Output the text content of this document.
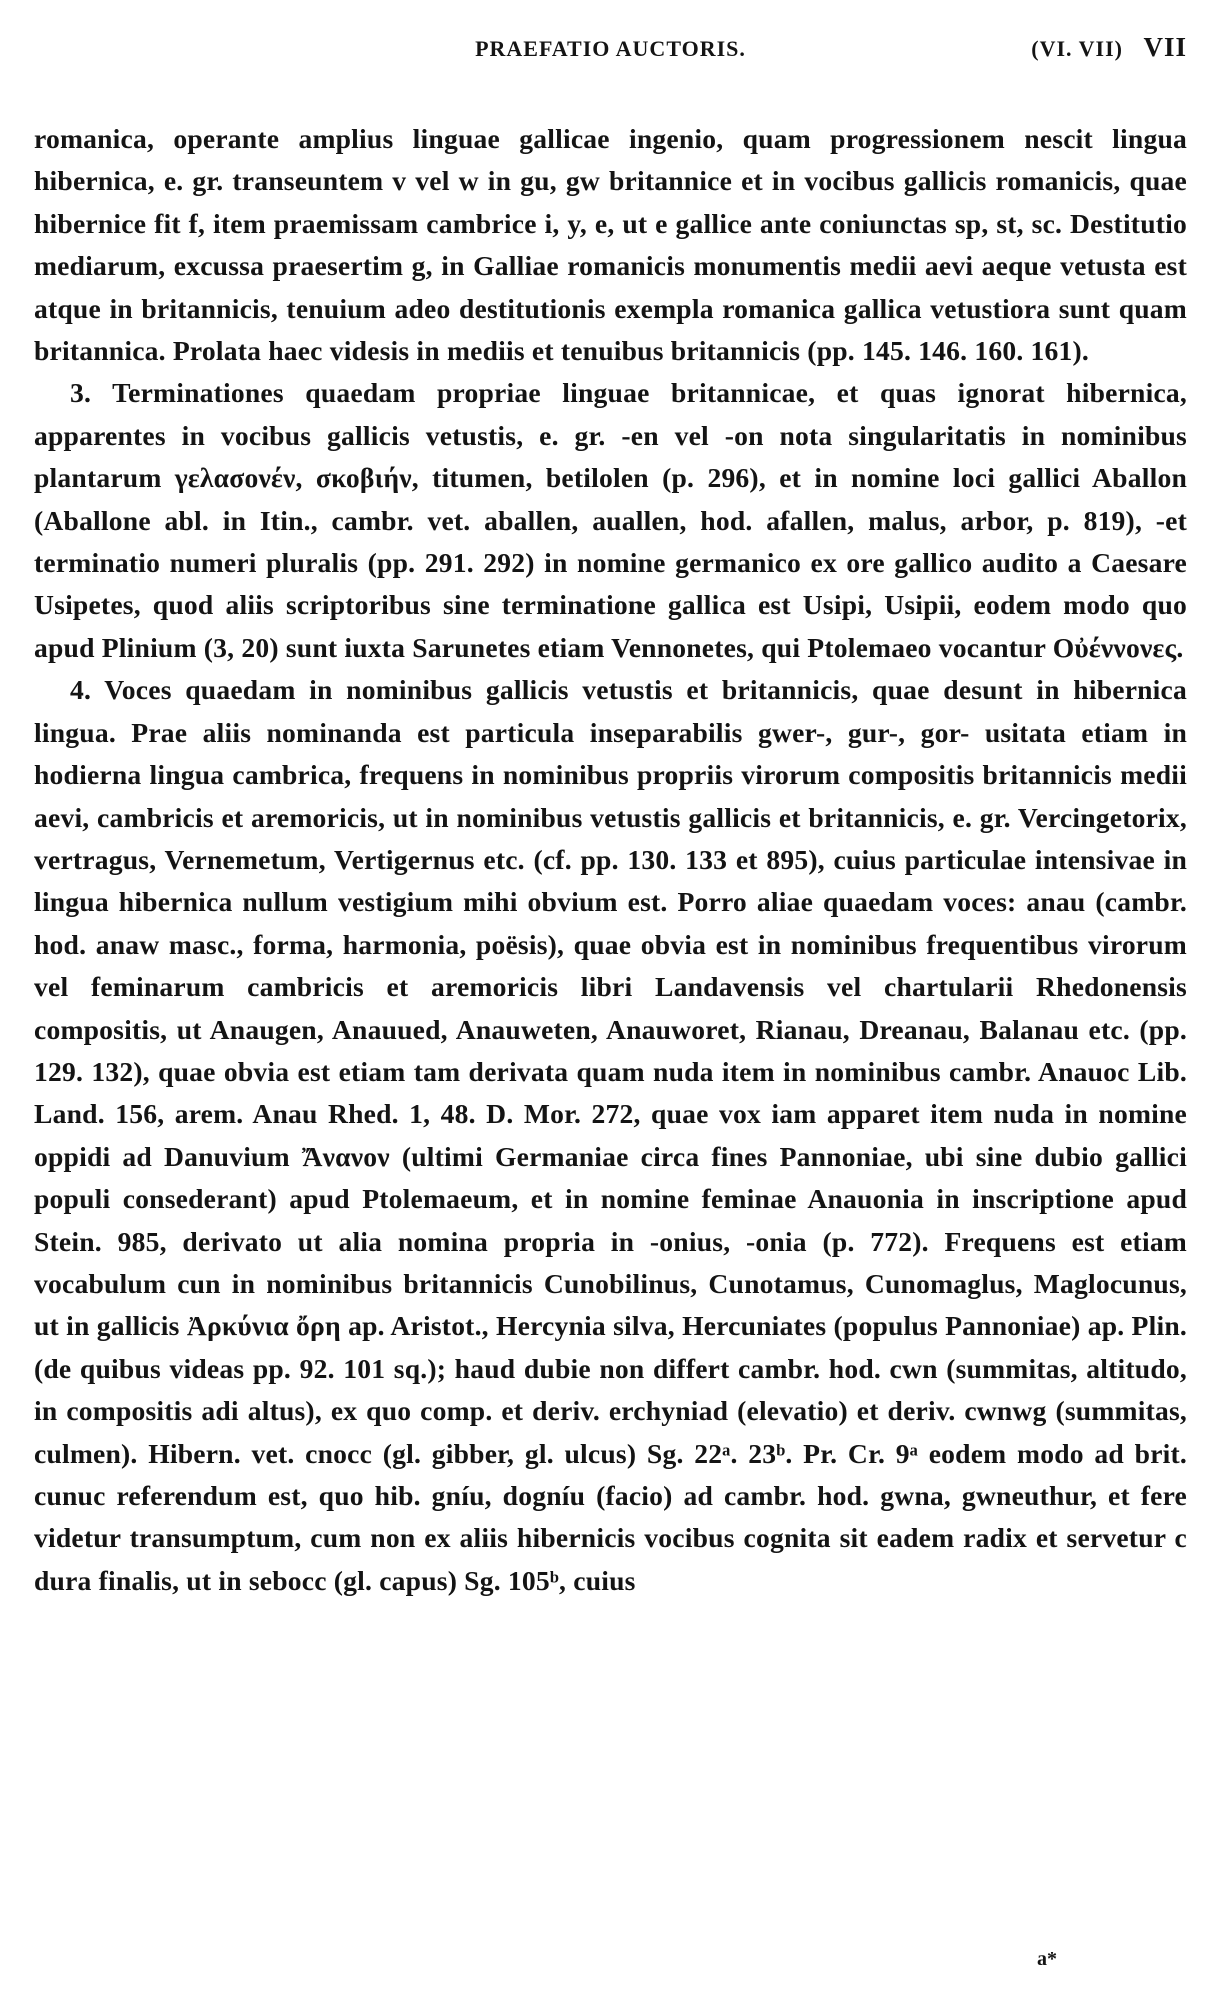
PRAEFATIO AUCTORIS.	(VI. VII) VII

romanica, operante amplius linguae gallicae ingenio, quam progressionem nescit lingua hibernica, e. gr. transeuntem v vel w in gu, gw britannice et in vocibus gallicis romanicis, quae hibernice fit f, item praemissam cambrice i, y, e, ut e gallice ante coniunctas sp, st, sc. Destitutio mediarum, excussa praesertim g, in Galliae romanicis monumentis medii aevi aeque vetusta est atque in britannicis, tenuium adeo destitutionis exempla romanica gallica vetustiora sunt quam britannica. Prolata haec videsis in mediis et tenuibus britannicis (pp. 145. 146. 160. 161).

3. Terminationes quaedam propriae linguae britannicae, et quas ignorat hibernica, apparentes in vocibus gallicis vetustis, e. gr. -en vel -on nota singularitatis in nominibus plantarum γελασονέν, σκοβιήν, titumen, betilolen (p. 296), et in nomine loci gallici Aballon (Aballone abl. in Itin., cambr. vet. aballen, auallen, hod. afallen, malus, arbor, p. 819), -et terminatio numeri pluralis (pp. 291. 292) in nomine germanico ex ore gallico audito a Caesare Usipetes, quod aliis scriptoribus sine terminatione gallica est Usipi, Usipii, eodem modo quo apud Plinium (3, 20) sunt iuxta Sarunetes etiam Vennonetes, qui Ptolemaeo vocantur Οὐέννονες.

4. Voces quaedam in nominibus gallicis vetustis et britannicis, quae desunt in hibernica lingua. Prae aliis nominanda est particula inseparabilis gwer-, gur-, gor- usitata etiam in hodierna lingua cambrica, frequens in nominibus propriis virorum compositis britannicis medii aevi, cambricis et aremoricis, ut in nominibus vetustis gallicis et britannicis, e. gr. Vercingetorix, vertragus, Vernemetum, Vertigernus etc. (cf. pp. 130. 133 et 895), cuius particulae intensivae in lingua hibernica nullum vestigium mihi obvium est. Porro aliae quaedam voces: anau (cambr. hod. anaw masc., forma, harmonia, poësis), quae obvia est in nominibus frequentibus virorum vel feminarum cambricis et aremoricis libri Landavensis vel chartularii Rhedonensis compositis, ut Anaugen, Anauued, Anauweten, Anauworet, Rianau, Dreanau, Balanau etc. (pp. 129. 132), quae obvia est etiam tam derivata quam nuda item in nominibus cambr. Anauoc Lib. Land. 156, arem. Anau Rhed. 1, 48. D. Mor. 272, quae vox iam apparet item nuda in nomine oppidi ad Danuvium Ἄνανον (ultimi Germaniae circa fines Pannoniae, ubi sine dubio gallici populi consederant) apud Ptolemaeum, et in nomine feminae Anauonia in inscriptione apud Stein. 985, derivato ut alia nomina propria in -onius, -onia (p. 772). Frequens est etiam vocabulum cun in nominibus britannicis Cunobilinus, Cunotamus, Cunomaglus, Maglocunus, ut in gallicis Ἀρκύνια ὄρη ap. Aristot., Hercynia silva, Hercuniates (populus Pannoniae) ap. Plin. (de quibus videas pp. 92. 101 sq.); haud dubie non differt cambr. hod. cwn (summitas, altitudo, in compositis adi altus), ex quo comp. et deriv. erchyniad (elevatio) et deriv. cwnwg (summitas, culmen). Hibern. vet. cnocc (gl. gibber, gl. ulcus) Sg. 22ᵃ. 23ᵇ. Pr. Cr. 9ᵃ eodem modo ad brit. cunuc referendum est, quo hib. gníu, dogníu (facio) ad cambr. hod. gwna, gwneuthur, et fere videtur transumptum, cum non ex aliis hibernicis vocibus cognita sit eadem radix et servetur c dura finalis, ut in sebocc (gl. capus) Sg. 105ᵇ, cuius

a*
